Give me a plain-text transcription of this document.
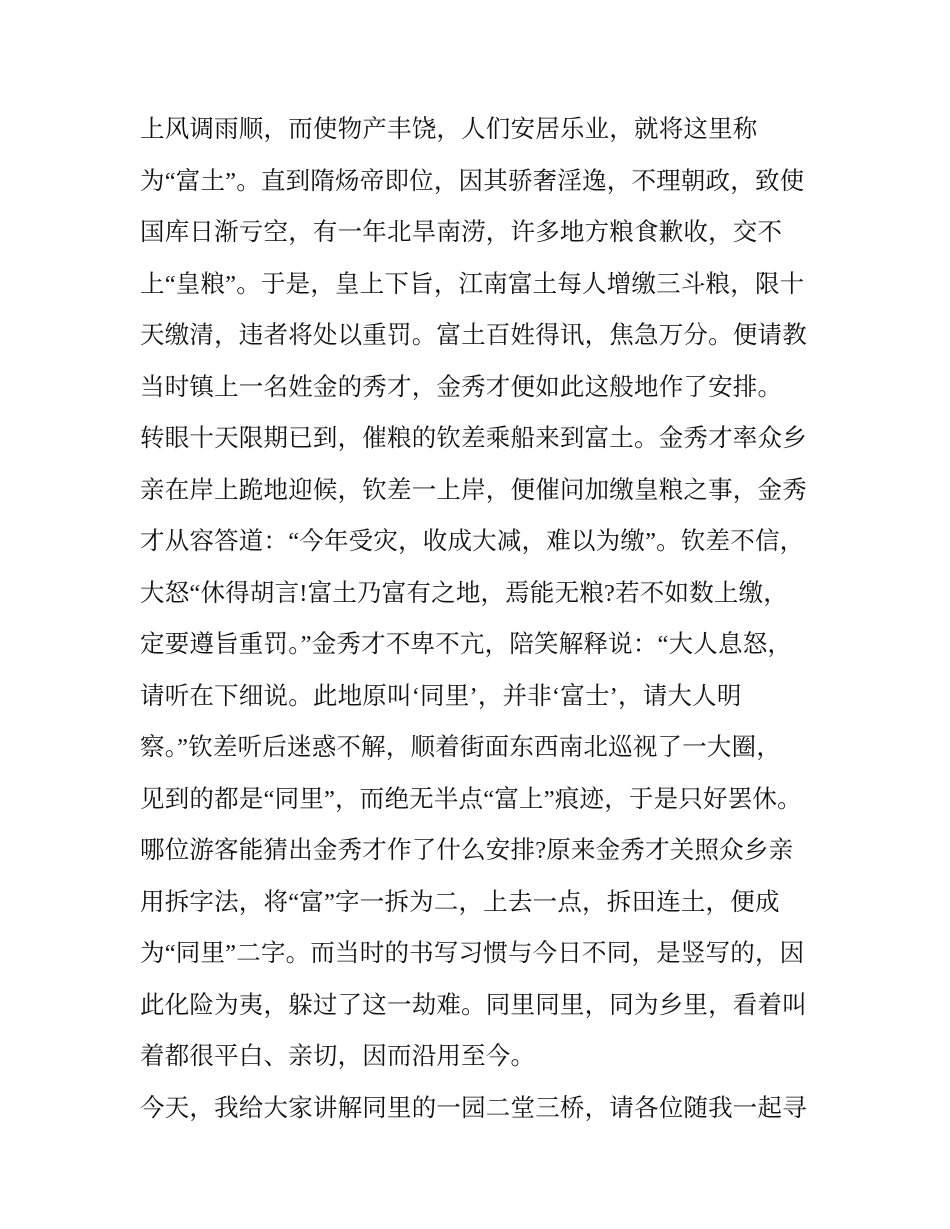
上风调雨顺，而使物产丰饶，人们安居乐业，就将这里称
为“富土”。直到隋炀帝即位，因其骄奢淫逸，不理朝政，致使
国库日渐亏空，有一年北旱南涝，许多地方粮食歉收，交不
上“皇粮”。于是，皇上下旨，江南富土每人增缴三斗粮，限十
天缴清，违者将处以重罚。富土百姓得讯，焦急万分。便请教
当时镇上一名姓金的秀才，金秀才便如此这般地作了安排。
转眼十天限期已到，催粮的钦差乘船来到富土。金秀才率众乡
亲在岸上跪地迎候，钦差一上岸，便催问加缴皇粮之事，金秀
才从容答道：“今年受灾，收成大减，难以为缴”。钦差不信，
大怒“休得胡言!富土乃富有之地，焉能无粮?若不如数上缴，
定要遵旨重罚。”金秀才不卑不亢，陪笑解释说：“大人息怒，
请听在下细说。此地原叫‘同里’，并非‘富士’，请大人明
察。”钦差听后迷惑不解，顺着街面东西南北巡视了一大圈，
见到的都是“同里”，而绝无半点“富上”痕迹，于是只好罢休。
哪位游客能猜出金秀才作了什么安排?原来金秀才关照众乡亲
用拆字法，将“富”字一拆为二，上去一点，拆田连土，便成
为“同里”二字。而当时的书写习惯与今日不同，是竖写的，因
此化险为夷，躲过了这一劫难。同里同里，同为乡里，看着叫
着都很平白、亲切，因而沿用至今。
今天，我给大家讲解同里的一园二堂三桥，请各位随我一起寻
